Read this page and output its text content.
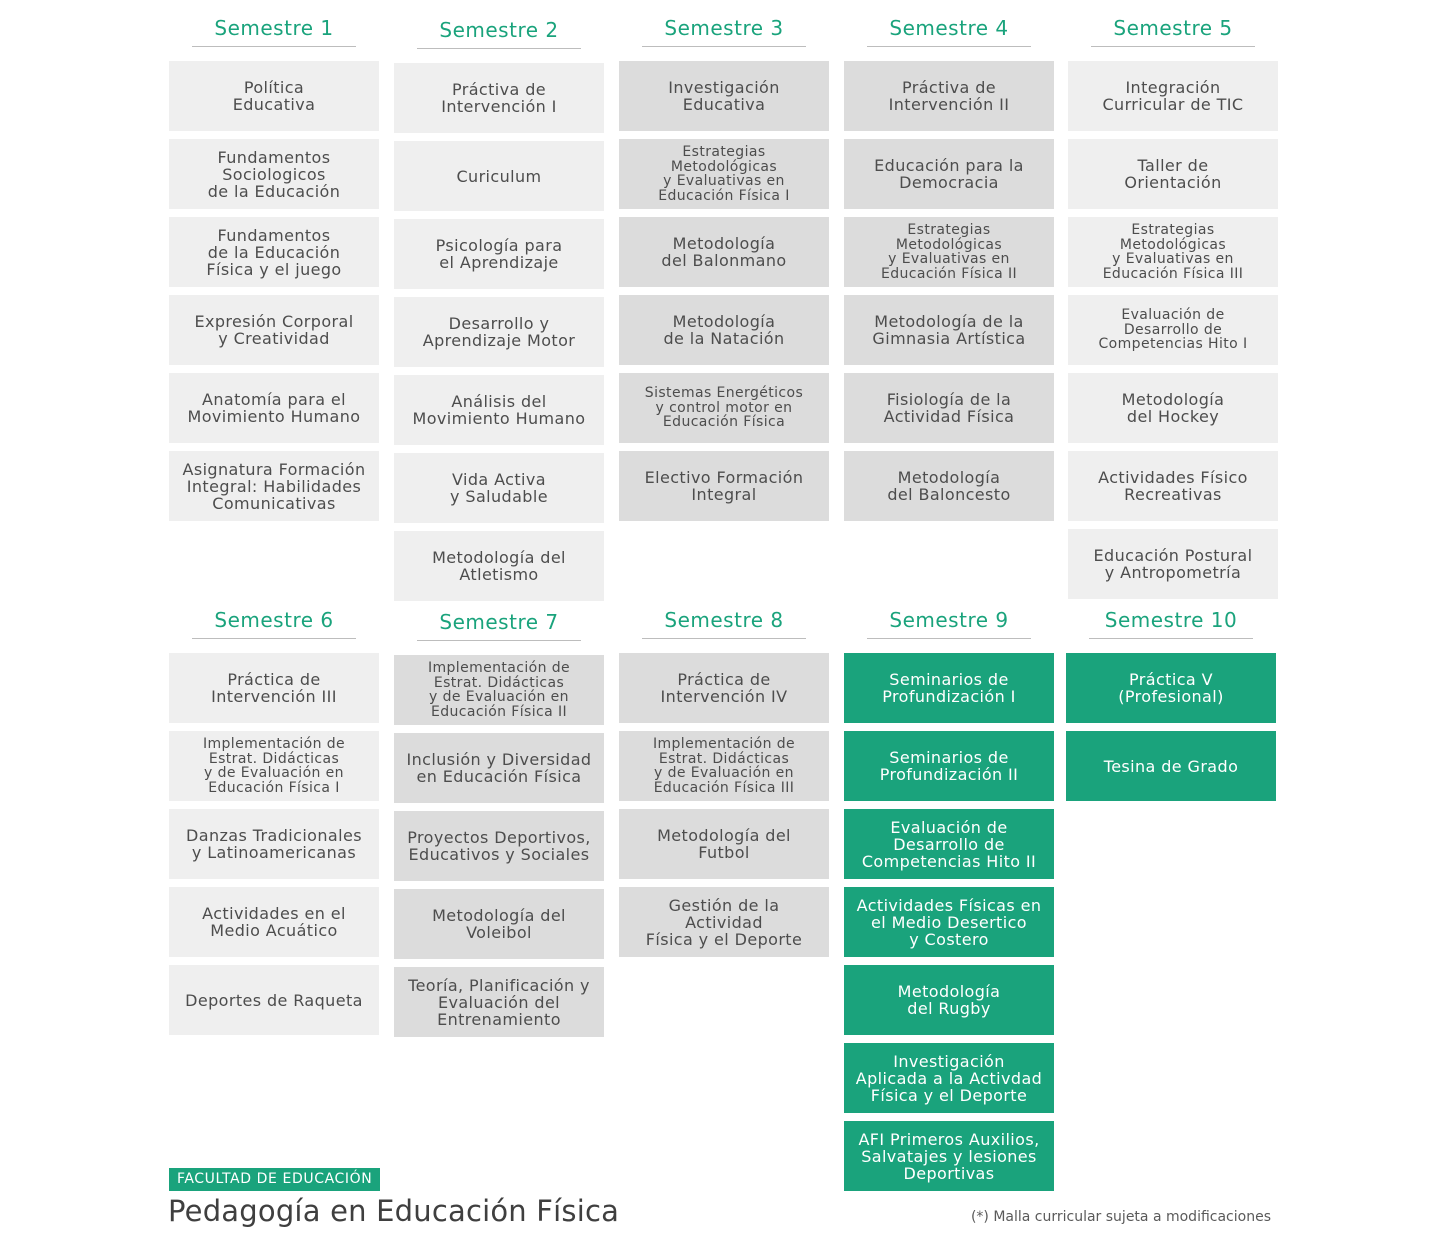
Semestre 1
Política
Educativa
Fundamentos
Sociologicos
de la Educación
Fundamentos
de la Educación
Física y el juego
Expresión Corporal
y Creatividad
Anatomía para el
Movimiento Humano
Asignatura Formación
Integral: Habilidades
Comunicativas
Semestre 2
Práctiva de
Intervención I
Curiculum
Psicología para
el Aprendizaje
Desarrollo y
Aprendizaje Motor
Análisis del
Movimiento Humano
Vida Activa
y Saludable
Metodología del
Atletismo
Semestre 3
Investigación
Educativa
Estrategias
Metodológicas
y Evaluativas en
Educación Física I
Metodología
del Balonmano
Metodología
de la Natación
Sistemas Energéticos
y control motor en
Educación Física
Electivo Formación
Integral
Semestre 4
Práctiva de
Intervención II
Educación para la
Democracia
Estrategias
Metodológicas
y Evaluativas en
Educación Física II
Metodología de la
Gimnasia Artística
Fisiología de la
Actividad Física
Metodología
del Baloncesto
Semestre 5
Integración
Curricular de TIC
Taller de
Orientación
Estrategias
Metodológicas
y Evaluativas en
Educación Física III
Evaluación de
Desarrollo de
Competencias Hito I
Metodología
del Hockey
Actividades Físico
Recreativas
Educación Postural
y Antropometría
Semestre 6
Práctica de
Intervención III
Implementación de
Estrat. Didácticas
y de Evaluación en
Educación Física I
Danzas Tradicionales
y Latinoamericanas
Actividades en el
Medio Acuático
Deportes de Raqueta
Semestre 7
Implementación de
Estrat. Didácticas
y de Evaluación en
Educación Física II
Inclusión y Diversidad
en Educación Física
Proyectos Deportivos,
Educativos y Sociales
Metodología del
Voleibol
Teoría, Planificación y
Evaluación del
Entrenamiento
Semestre 8
Práctica de
Intervención IV
Implementación de
Estrat. Didácticas
y de Evaluación en
Educación Física III
Metodología del
Futbol
Gestión de la
Actividad
Física y el Deporte
Semestre 9
Seminarios de
Profundización I
Seminarios de
Profundización II
Evaluación de
Desarrollo de
Competencias Hito II
Actividades Físicas en
el Medio Desertico
y Costero
Metodología
del Rugby
Investigación
Aplicada a la Activdad
Física y el Deporte
AFI Primeros Auxilios,
Salvatajes y lesiones
Deportivas
Semestre 10
Práctica V
(Profesional)
Tesina de Grado
FACULTAD DE EDUCACIÓN
Pedagogía en Educación Física	(*) Malla curricular sujeta a modificaciones
